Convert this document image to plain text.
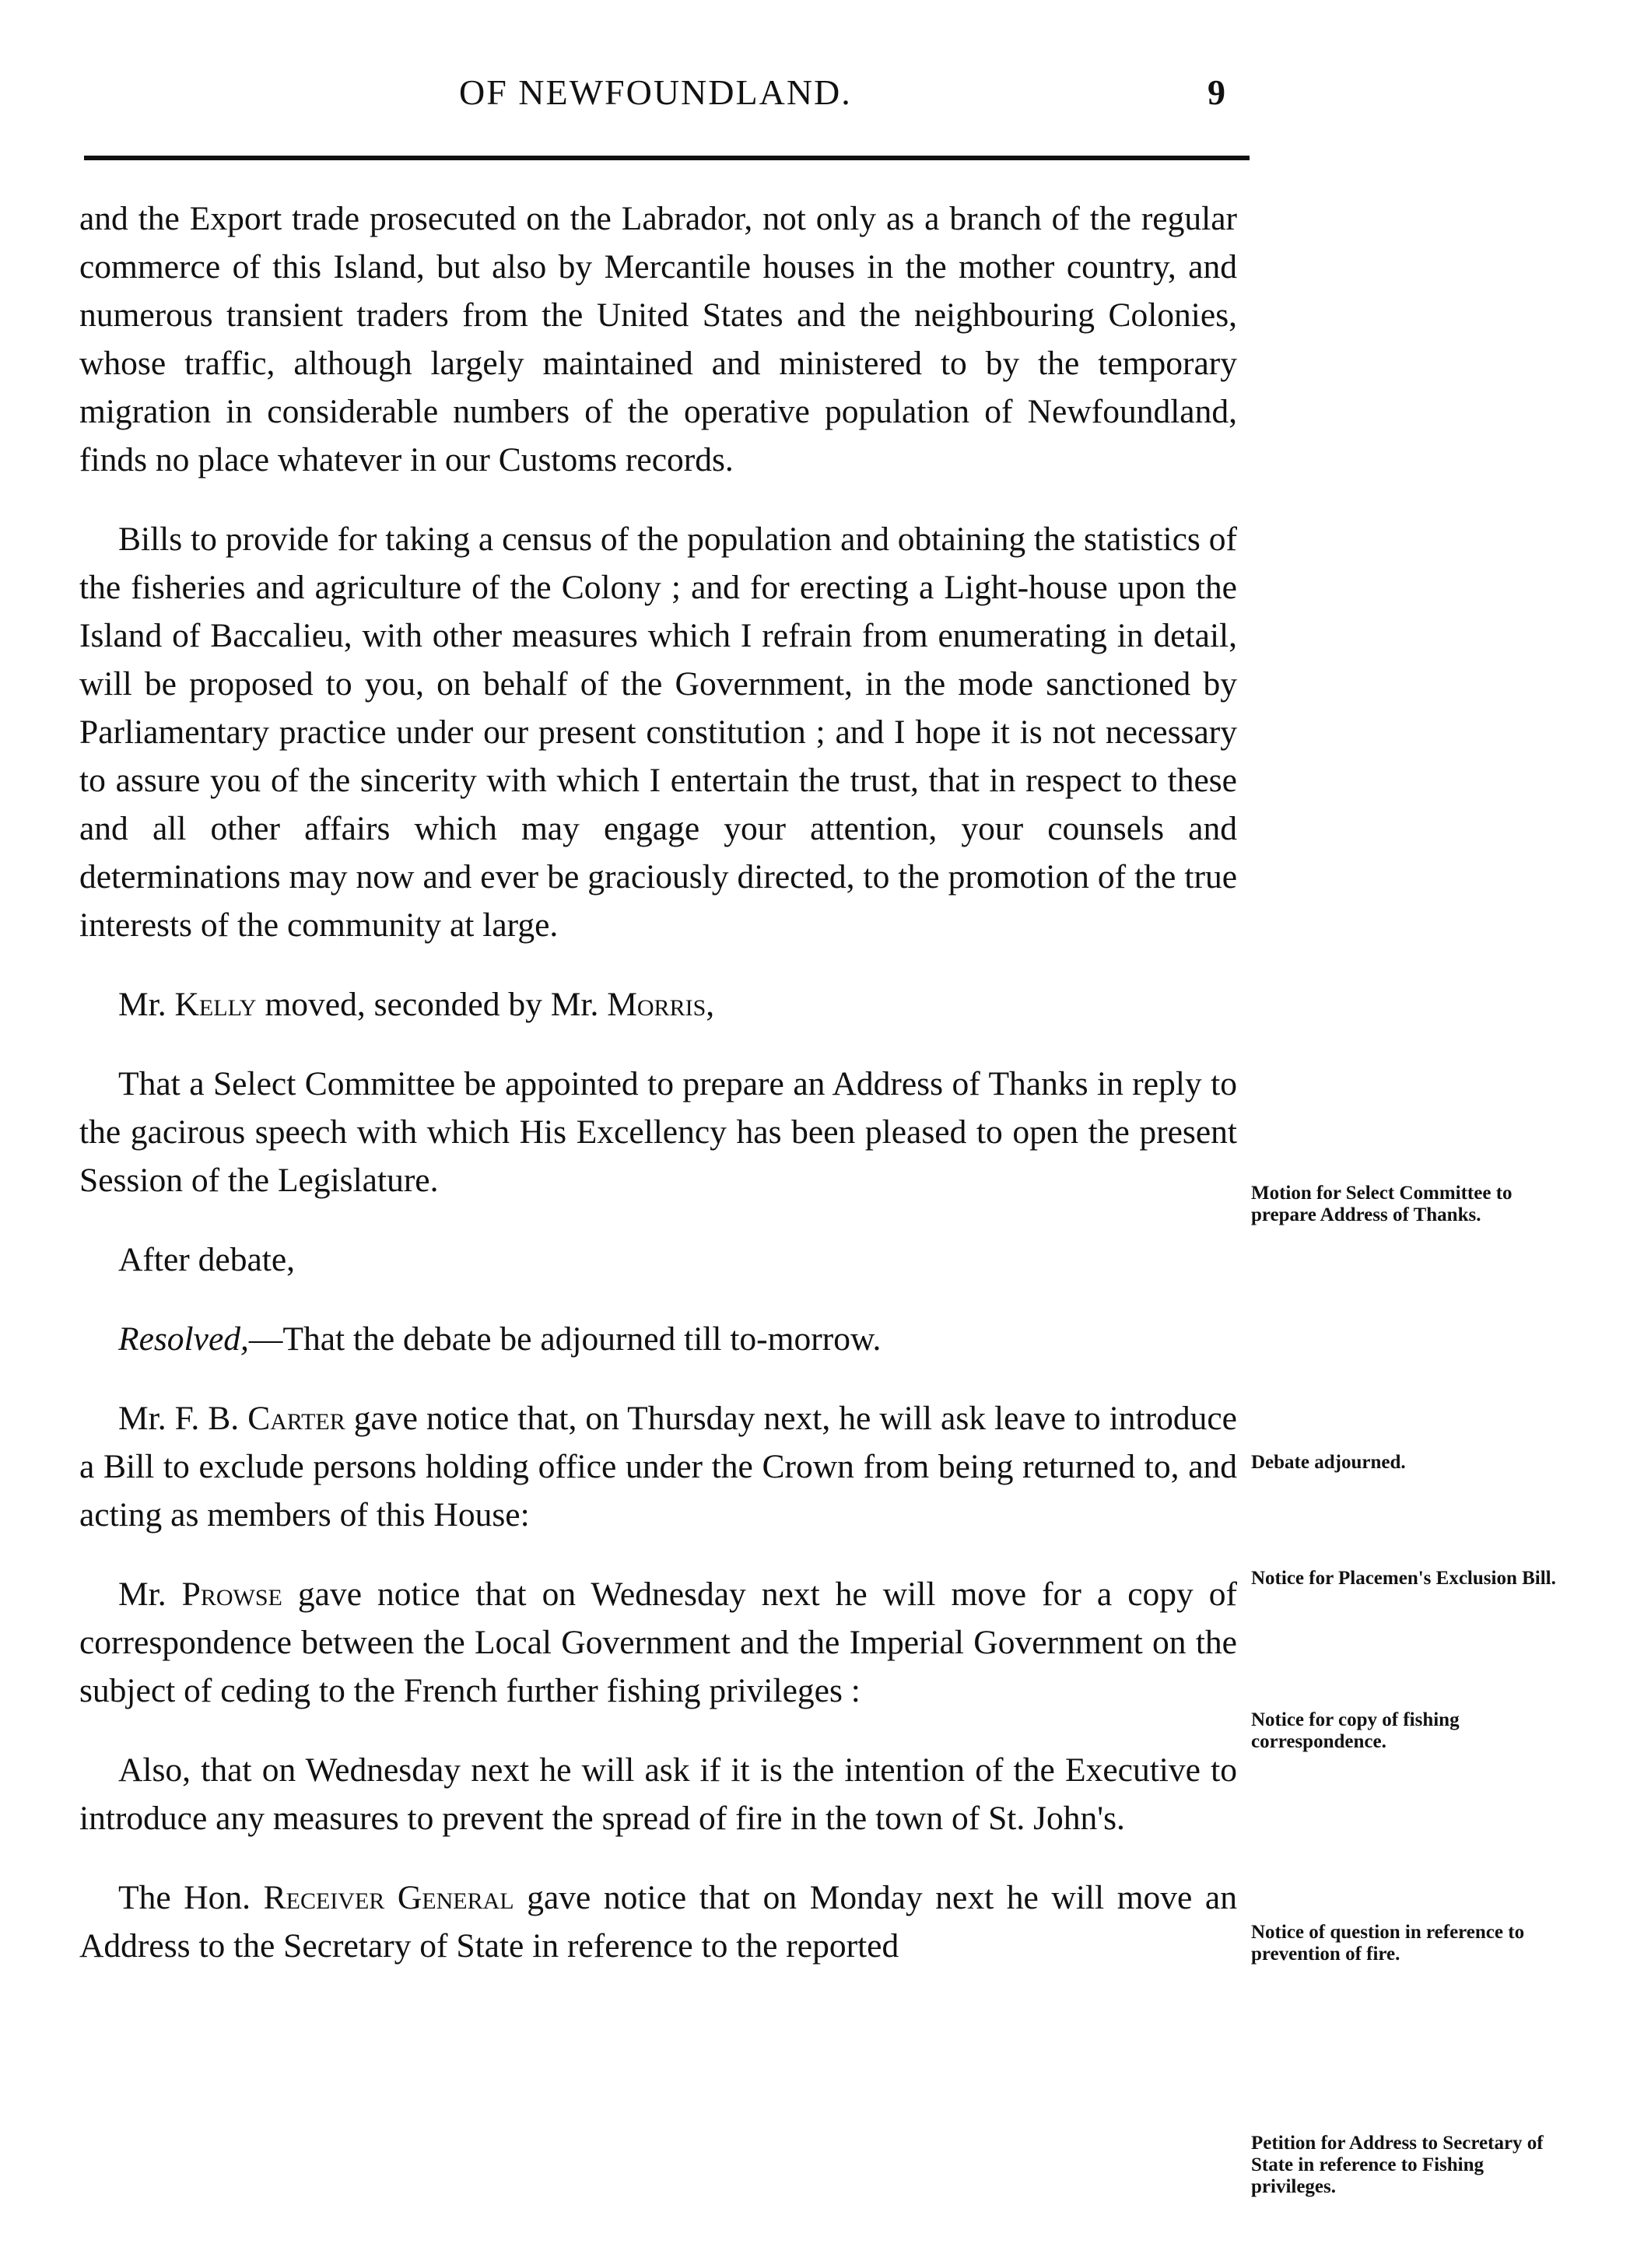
OF NEWFOUNDLAND.	9

and the Export trade prosecuted on the Labrador, not only as a branch of the regular commerce of this Island, but also by Mercantile houses in the mother country, and numerous transient traders from the United States and the neighbouring Colonies, whose traffic, although largely maintained and ministered to by the temporary migration in considerable numbers of the operative population of Newfoundland, finds no place whatever in our Customs records.

Bills to provide for taking a census of the population and obtaining the statistics of the fisheries and agriculture of the Colony ; and for erecting a Light-house upon the Island of Baccalieu, with other measures which I refrain from enumerating in detail, will be proposed to you, on behalf of the Government, in the mode sanctioned by Parliamentary practice under our present constitution ; and I hope it is not necessary to assure you of the sincerity with which I entertain the trust, that in respect to these and all other affairs which may engage your attention, your counsels and determinations may now and ever be graciously directed, to the promotion of the true interests of the community at large.

Mr. Kelly moved, seconded by Mr. Morris,

That a Select Committee be appointed to prepare an Address of Thanks in reply to the gacirous speech with which His Excellency has been pleased to open the present Session of the Legislature.

After debate,

Resolved,—That the debate be adjourned till to-morrow.

Mr. F. B. Carter gave notice that, on Thursday next, he will ask leave to introduce a Bill to exclude persons holding office under the Crown from being returned to, and acting as members of this House:

Mr. Prowse gave notice that on Wednesday next he will move for a copy of correspondence between the Local Government and the Imperial Government on the subject of ceding to the French further fishing privileges :

Also, that on Wednesday next he will ask if it is the intention of the Executive to introduce any measures to prevent the spread of fire in the town of St. John's.

The Hon. Receiver General gave notice that on Monday next he will move an Address to the Secretary of State in reference to the reported

Motion for Select Committee to prepare Address of Thanks.
Debate adjourned.
Notice for Placemen's Exclusion Bill.
Notice for copy of fishing correspondence.
Notice of question in reference to prevention of fire.
Petition for Address to Secretary of State in reference to Fishing privileges.
